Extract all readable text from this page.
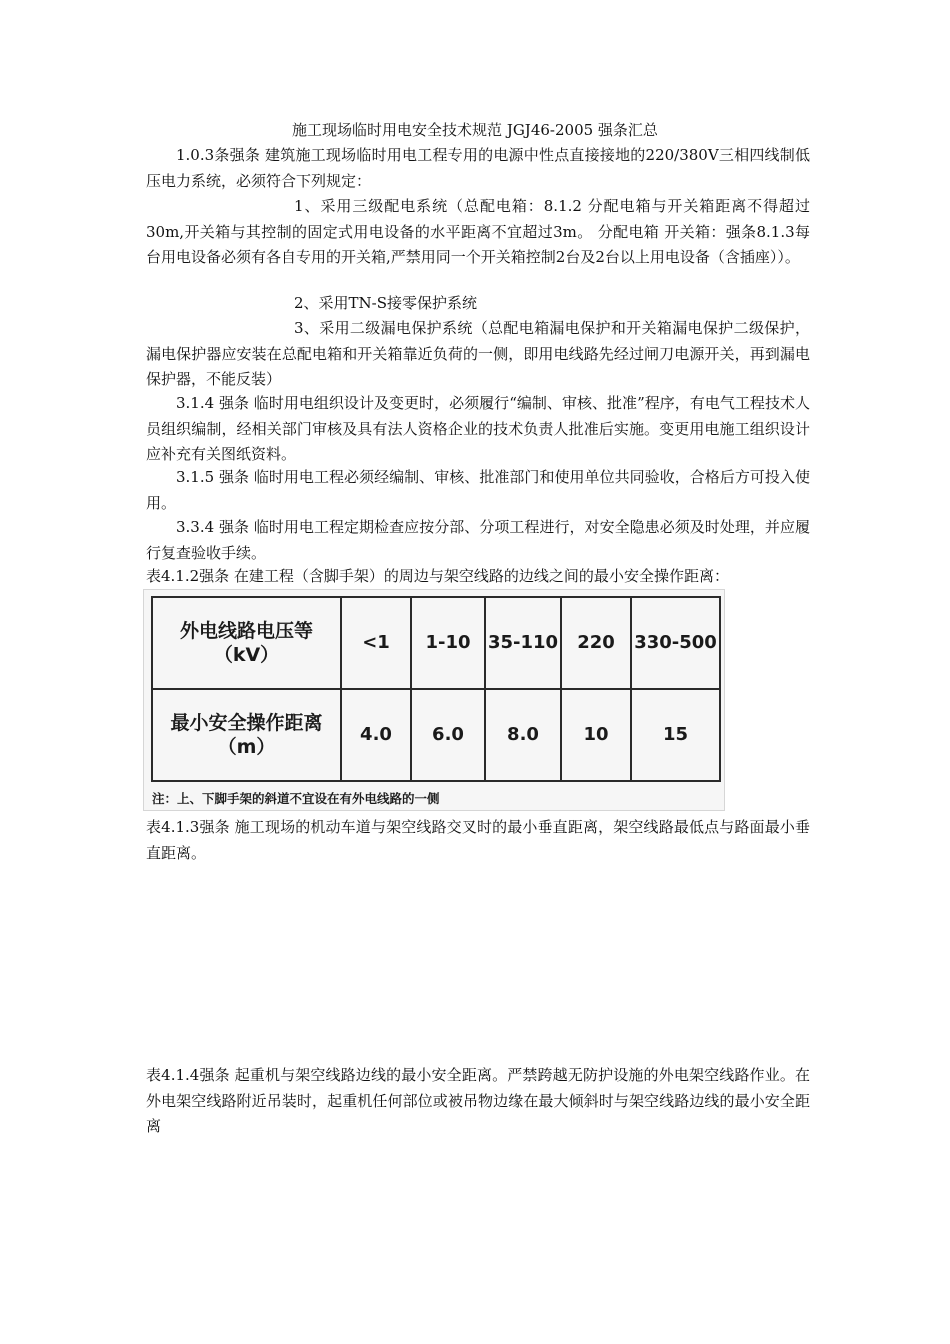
施工现场临时用电安全技术规范 JGJ46-2005 强条汇总

1.0.3条强条 建筑施工现场临时用电工程专用的电源中性点直接接地的220/380V三相四线制低压电力系统，必须符合下列规定：

1、采用三级配电系统（总配电箱：8.1.2 分配电箱与开关箱距离不得超过30m,开关箱与其控制的固定式用电设备的水平距离不宜超过3m。 分配电箱 开关箱：强条8.1.3每台用电设备必须有各自专用的开关箱,严禁用同一个开关箱控制2台及2台以上用电设备（含插座））。

2、采用TN-S接零保护系统

3、采用二级漏电保护系统（总配电箱漏电保护和开关箱漏电保护二级保护，漏电保护器应安装在总配电箱和开关箱靠近负荷的一侧，即用电线路先经过闸刀电源开关，再到漏电保护器，不能反装）

3.1.4 强条 临时用电组织设计及变更时，必须履行“编制、审核、批准”程序，有电气工程技术人员组织编制，经相关部门审核及具有法人资格企业的技术负责人批准后实施。变更用电施工组织设计应补充有关图纸资料。

3.1.5 强条 临时用电工程必须经编制、审核、批准部门和使用单位共同验收，合格后方可投入使用。

3.3.4 强条 临时用电工程定期检查应按分部、分项工程进行，对安全隐患必须及时处理，并应履行复查验收手续。

表4.1.2强条 在建工程（含脚手架）的周边与架空线路的边线之间的最小安全操作距离：

外电线路电压等
（kV）	<1	1-10	35-110	220	330-500

最小安全操作距离
（m）	4.0	6.0	8.0	10	15
注：上、下脚手架的斜道不宜设在有外电线路的一侧

表4.1.3强条 施工现场的机动车道与架空线路交叉时的最小垂直距离，架空线路最低点与路面最小垂直距离。

表4.1.4强条 起重机与架空线路边线的最小安全距离。严禁跨越无防护设施的外电架空线路作业。在外电架空线路附近吊装时，起重机任何部位或被吊物边缘在最大倾斜时与架空线路边线的最小安全距离
